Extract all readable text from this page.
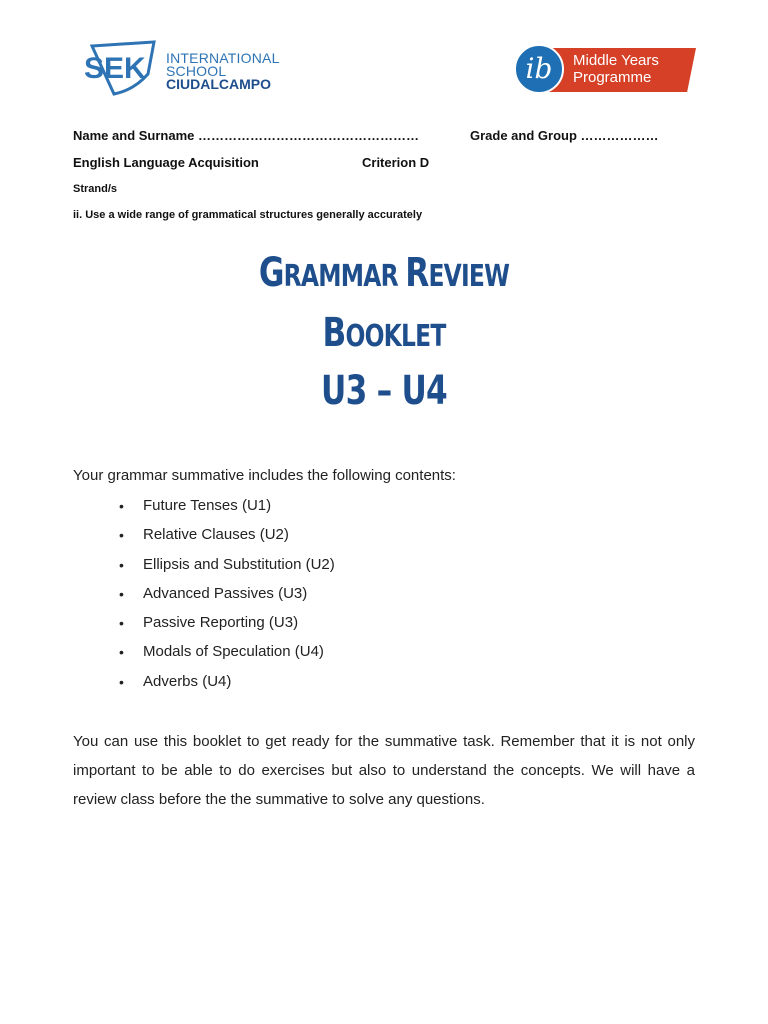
SEK INTERNATIONAL
SCHOOL
CIUDALCAMPO	ib	Middle Years
Programme
Name and Surname ……………………………………………	Grade and Group ………………
English Language Acquisition	Criterion D
Strand/s
ii. Use a wide range of grammatical structures generally accurately
GRAMMAR REVIEW
BOOKLET
U3 – U4
Your grammar summative includes the following contents:
• Future Tenses (U1)
• Relative Clauses (U2)
• Ellipsis and Substitution (U2)
• Advanced Passives (U3)
• Passive Reporting (U3)
• Modals of Speculation (U4)
• Adverbs (U4)
You can use this booklet to get ready for the summative task. Remember that it is not only important to be able to do exercises but also to understand the concepts. We will have a review class before the the summative to solve any questions.
